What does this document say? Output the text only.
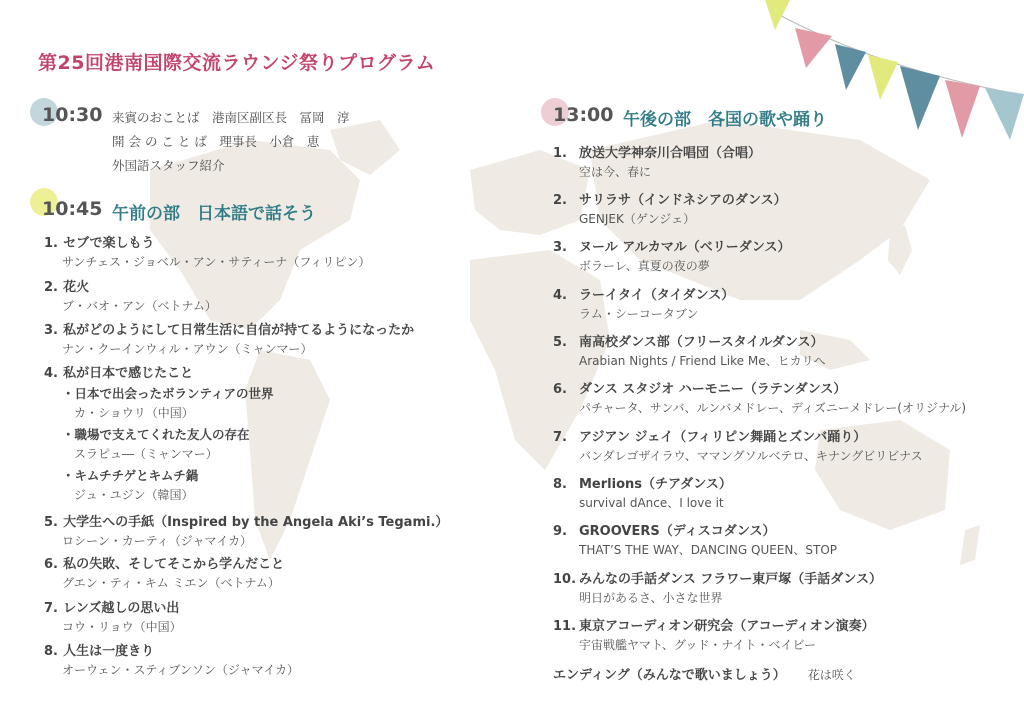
第25回港南国際交流ラウンジ祭りプログラム
10:30 来賓のおことば　港南区副区長　冨岡　淳
開 会 の こ と ば　理事長　小倉　恵
外国語スタッフ紹介
10:45 午前の部　日本語で話そう
1. セブで楽しもう
サンチェス・ジョベル・アン・サティーナ（フィリピン）
2. 花火
ブ・バオ・アン（ベトナム）
3. 私がどのようにして日常生活に自信が持てるようになったか
ナン・クーインウィル・アウン（ミャンマー）
4. 私が日本で感じたこと
・日本で出会ったボランティアの世界
カ・ショウリ（中国）
・職場で支えてくれた友人の存在
スラピュ―（ミャンマー）
・キムチチゲとキムチ鍋
ジュ・ユジン（韓国）
5. 大学生への手紙（Inspired by the Angela Aki’s Tegami.）
ロシーン・カーティ（ジャマイカ）
6. 私の失敗、そしてそこから学んだこと
グエン・ティ・キム ミエン（ベトナム）
7. レンズ越しの思い出
コウ・リョウ（中国）
8. 人生は一度きり
オーウェン・スティブンソン（ジャマイカ）
13:00 午後の部　各国の歌や踊り
1. 放送大学神奈川合唱団（合唱）
空は今、春に
2. サリラサ（インドネシアのダンス）
GENJEK（ゲンジェ）
3. ヌール アルカマル（ベリーダンス）
ボラーレ、真夏の夜の夢
4. ラーイタイ（タイダンス）
ラム・シーコータブン
5. 南高校ダンス部（フリースタイルダンス）
Arabian Nights / Friend Like Me、ヒカリへ
6. ダンス スタジオ ハーモニー（ラテンダンス）
パチャータ、サンバ、ルンバメドレー、ディズニーメドレー(オリジナル)
7. アジアン ジェイ（フィリピン舞踊とズンバ踊り）
バンダレゴザイラウ、ママングソルベテロ、キナングビリビナス
8. Merlions（チアダンス）
survival dAnce、I love it
9. GROOVERS（ディスコダンス）
THAT’S THE WAY、DANCING QUEEN、STOP
10. みんなの手話ダンス フラワー東戸塚（手話ダンス）
明日があるさ、小さな世界
11. 東京アコーディオン研究会（アコーディオン演奏）
宇宙戦艦ヤマト、グッド・ナイト・ベイビー
エンディング（みんなで歌いましょう） 花は咲く
